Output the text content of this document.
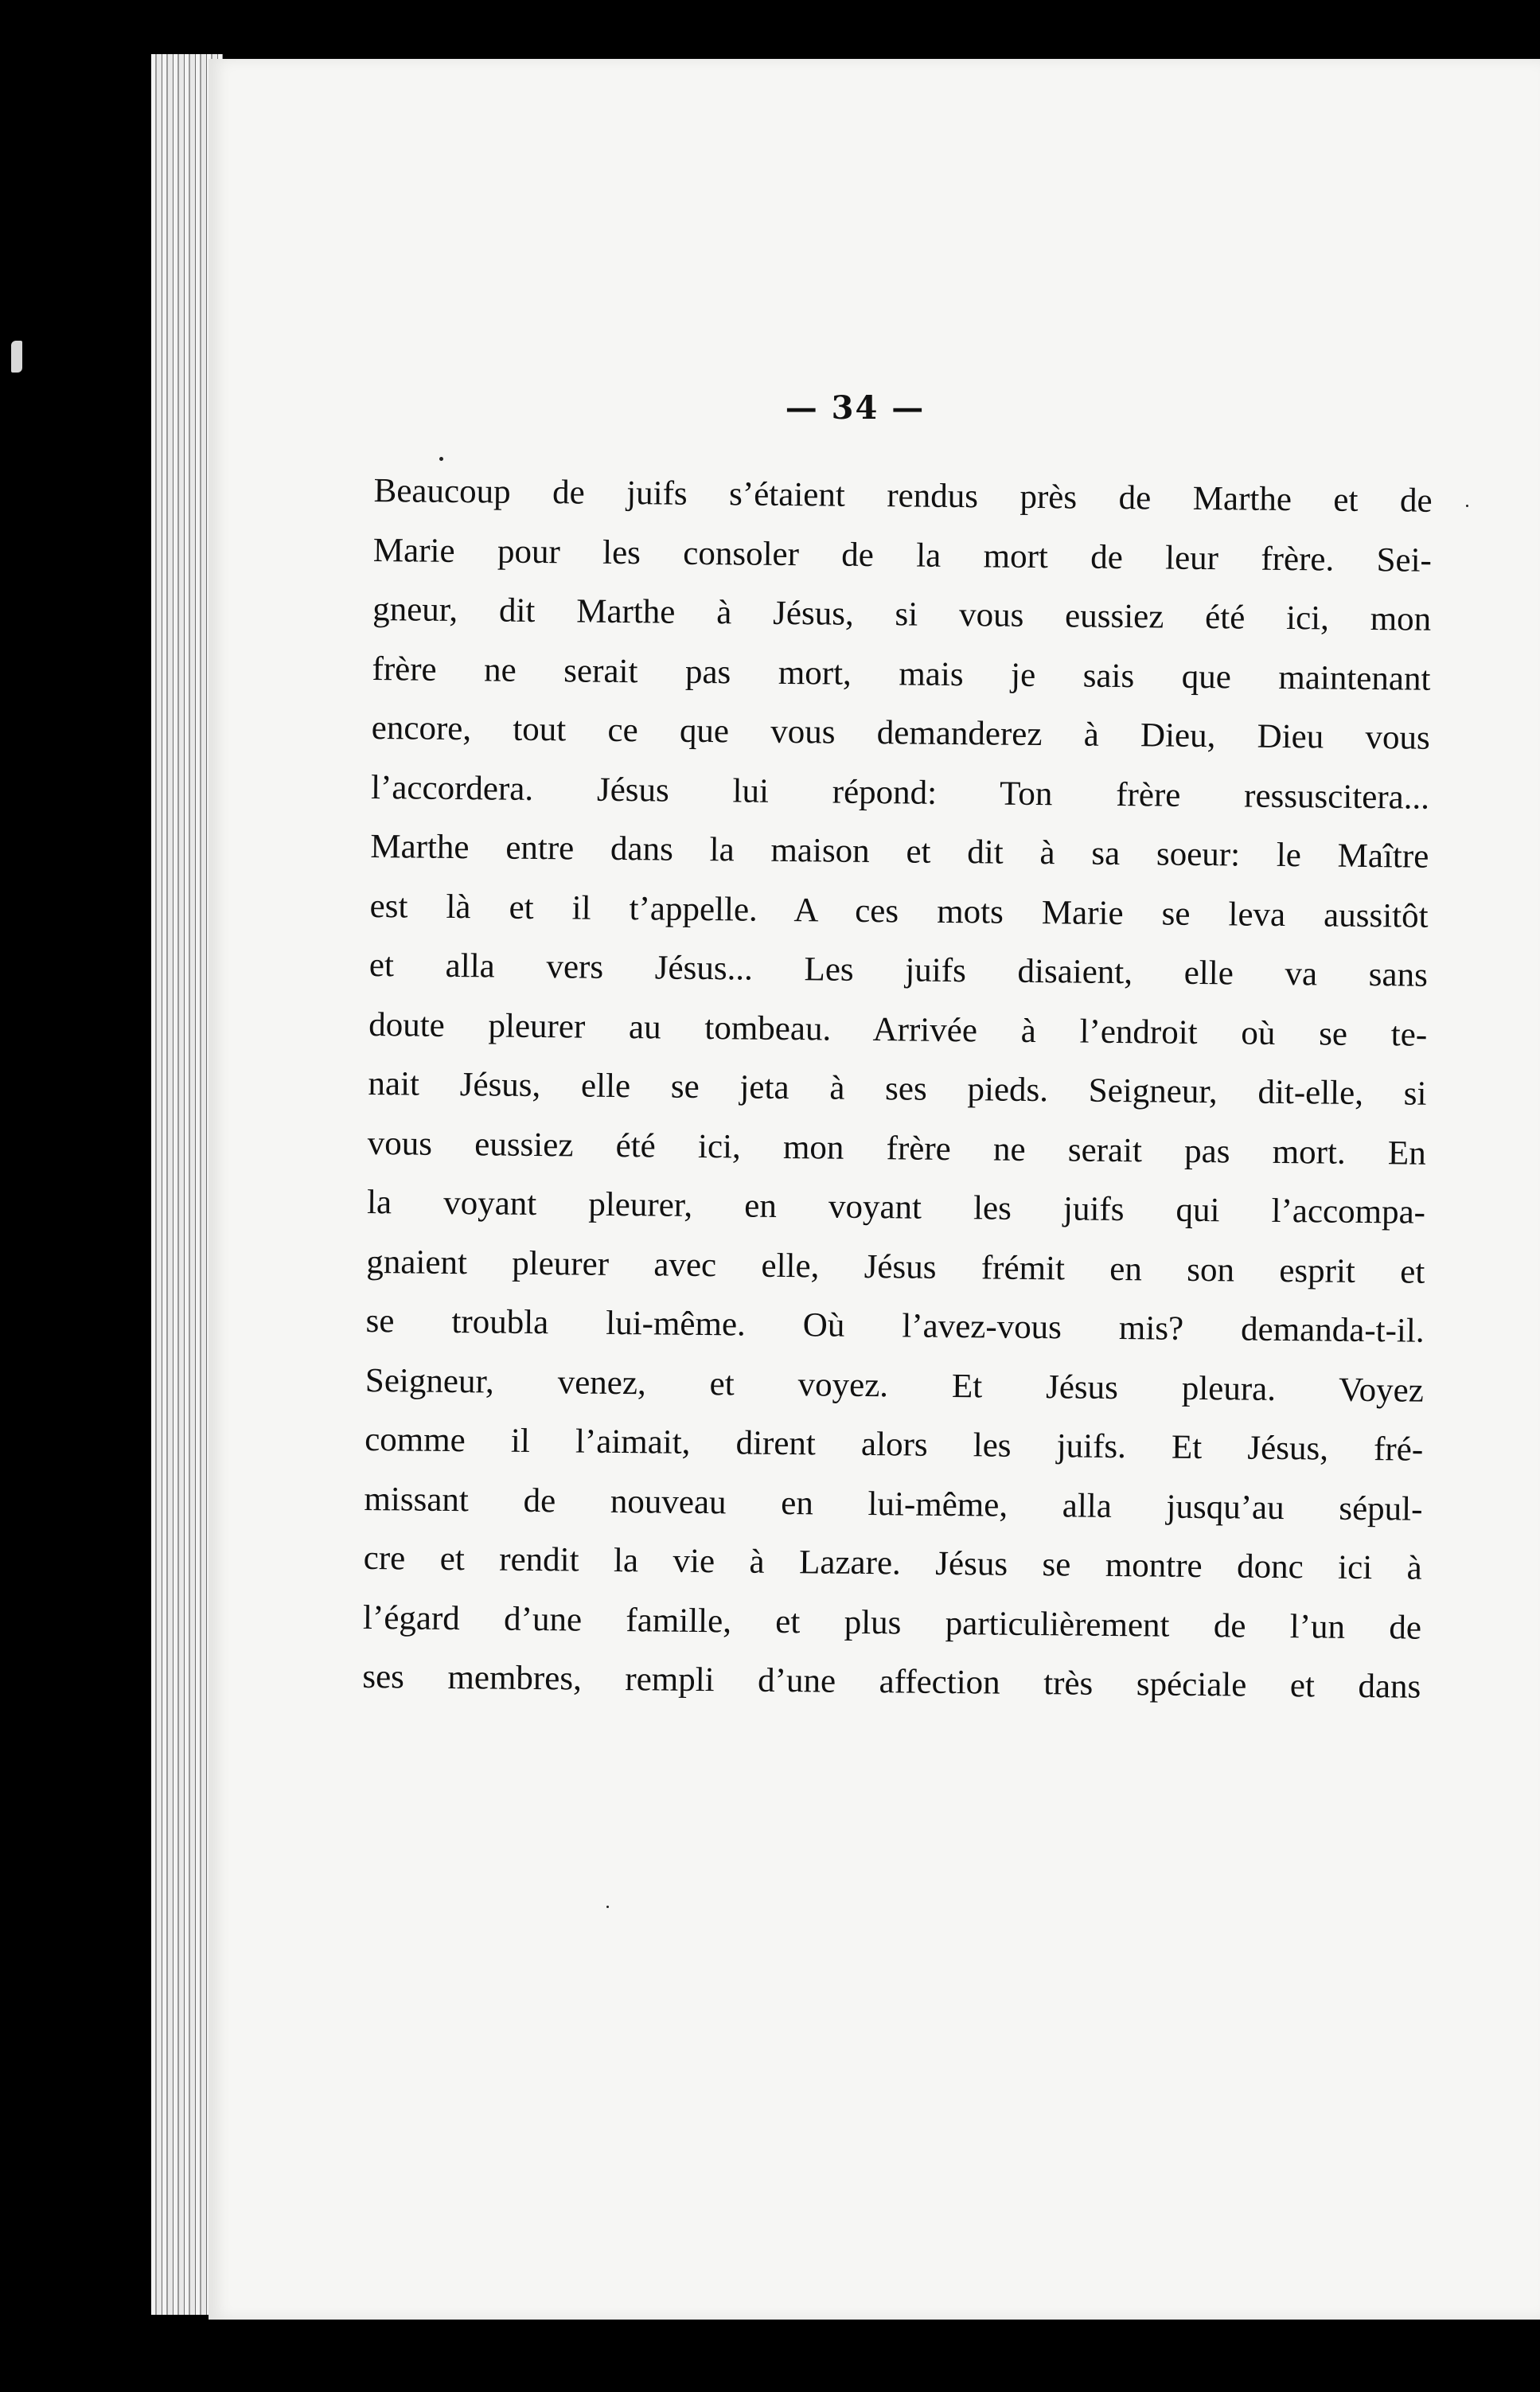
— 34 —
Beaucoup de juifs s’étaient rendus près de Marthe et de
Marie pour les consoler de la mort de leur frère. Sei-
gneur, dit Marthe à Jésus, si vous eussiez été ici, mon
frère ne serait pas mort, mais je sais que maintenant
encore, tout ce que vous demanderez à Dieu, Dieu vous
l’accordera. Jésus lui répond: Ton frère ressuscitera...
Marthe entre dans la maison et dit à sa soeur: le Maître
est là et il t’appelle. A ces mots Marie se leva aussitôt
et alla vers Jésus... Les juifs disaient, elle va sans
doute pleurer au tombeau. Arrivée à l’endroit où se te-
nait Jésus, elle se jeta à ses pieds. Seigneur, dit-elle, si
vous eussiez été ici, mon frère ne serait pas mort. En
la voyant pleurer, en voyant les juifs qui l’accompa-
gnaient pleurer avec elle, Jésus frémit en son esprit et
se troubla lui-même. Où l’avez-vous mis? demanda-t-il.
Seigneur, venez, et voyez. Et Jésus pleura. Voyez
comme il l’aimait, dirent alors les juifs. Et Jésus, fré-
missant de nouveau en lui-même, alla jusqu’au sépul-
cre et rendit la vie à Lazare. Jésus se montre donc ici à
l’égard d’une famille, et plus particulièrement de l’un de
ses membres, rempli d’une affection très spéciale et dans
